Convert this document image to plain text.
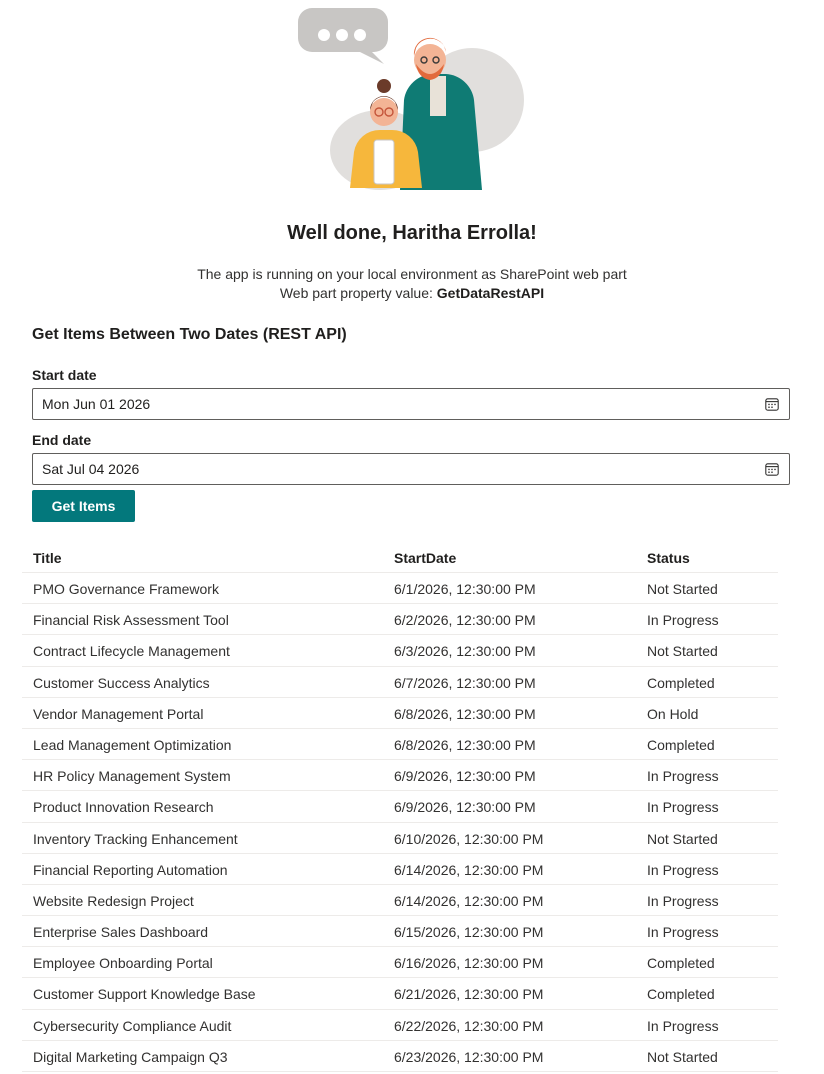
Well done, Haritha Errolla!
The app is running on your local environment as SharePoint web part
Web part property value: GetDataRestAPI
Get Items Between Two Dates (REST API)
Start date
Mon Jun 01 2026
End date
Sat Jul 04 2026
Get Items
Title	StartDate	Status
PMO Governance Framework	6/1/2026, 12:30:00 PM	Not Started
Financial Risk Assessment Tool	6/2/2026, 12:30:00 PM	In Progress
Contract Lifecycle Management	6/3/2026, 12:30:00 PM	Not Started
Customer Success Analytics	6/7/2026, 12:30:00 PM	Completed
Vendor Management Portal	6/8/2026, 12:30:00 PM	On Hold
Lead Management Optimization	6/8/2026, 12:30:00 PM	Completed
HR Policy Management System	6/9/2026, 12:30:00 PM	In Progress
Product Innovation Research	6/9/2026, 12:30:00 PM	In Progress
Inventory Tracking Enhancement	6/10/2026, 12:30:00 PM	Not Started
Financial Reporting Automation	6/14/2026, 12:30:00 PM	In Progress
Website Redesign Project	6/14/2026, 12:30:00 PM	In Progress
Enterprise Sales Dashboard	6/15/2026, 12:30:00 PM	In Progress
Employee Onboarding Portal	6/16/2026, 12:30:00 PM	Completed
Customer Support Knowledge Base	6/21/2026, 12:30:00 PM	Completed
Cybersecurity Compliance Audit	6/22/2026, 12:30:00 PM	In Progress
Digital Marketing Campaign Q3	6/23/2026, 12:30:00 PM	Not Started
